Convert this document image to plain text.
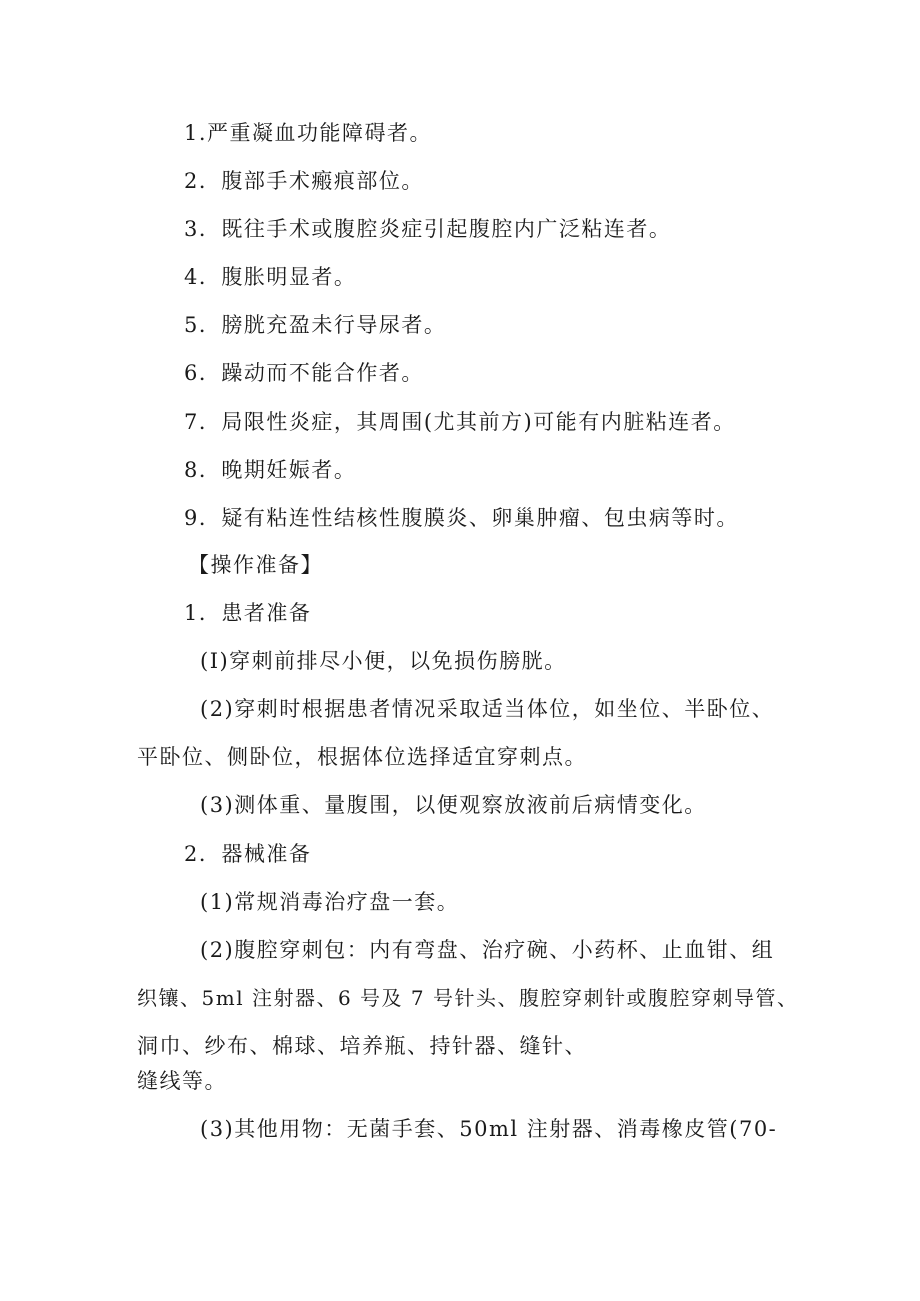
1.严重凝血功能障碍者。
2．腹部手术瘢痕部位。
3．既往手术或腹腔炎症引起腹腔内广泛粘连者。
4．腹胀明显者。
5．膀胱充盈未行导尿者。
6．躁动而不能合作者。
7．局限性炎症，其周围(尤其前方)可能有内脏粘连者。
8．晚期妊娠者。
9．疑有粘连性结核性腹膜炎、卵巢肿瘤、包虫病等时。
【操作准备】
1．患者准备
(I)穿刺前排尽小便，以免损伤膀胱。
(2)穿刺时根据患者情况采取适当体位，如坐位、半卧位、
平卧位、侧卧位，根据体位选择适宜穿刺点。
(3)测体重、量腹围，以便观察放液前后病情变化。
2．器械准备
(1)常规消毒治疗盘一套。
(2)腹腔穿刺包：内有弯盘、治疗碗、小药杯、止血钳、组
织镶、5ml 注射器、6 号及 7 号针头、腹腔穿刺针或腹腔穿刺导管、
洞巾、纱布、棉球、培养瓶、持针器、缝针、
缝线等。
(3)其他用物：无菌手套、50ml 注射器、消毒橡皮管(70-
